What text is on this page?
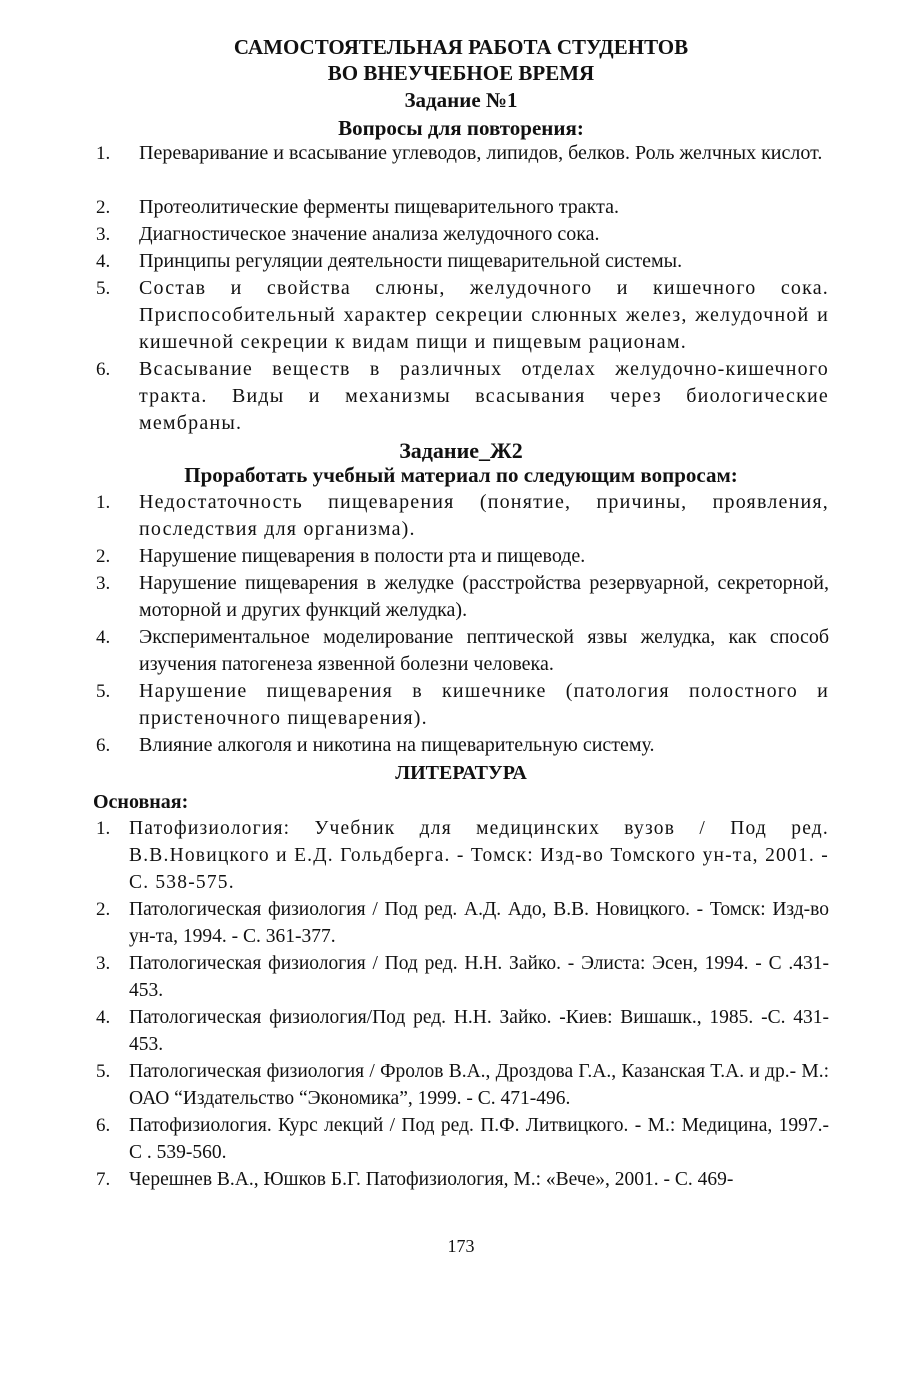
САМОСТОЯТЕЛЬНАЯ РАБОТА СТУДЕНТОВ
ВО ВНЕУЧЕБНОЕ ВРЕМЯ
Задание №1
Вопросы для повторения:
1. Переваривание и всасывание углеводов, липидов, белков. Роль желчных кислот.
2. Протеолитические ферменты пищеварительного тракта.
3. Диагностическое значение анализа желудочного сока.
4. Принципы регуляции деятельности пищеварительной системы.
5. Состав и свойства слюны, желудочного и кишечного сока. Приспособительный характер секреции слюнных желез, желудочной и кишечной секреции к видам пищи и пищевым рационам.
6. Всасывание веществ в различных отделах желудочно-кишечного тракта. Виды и механизмы всасывания через биологические мембраны.
Задание_Ж2
Проработать учебный материал по следующим вопросам:
1. Недостаточность пищеварения (понятие, причины, проявления, последствия для организма).
2. Нарушение пищеварения в полости рта и пищеводе.
3. Нарушение пищеварения в желудке (расстройства резервуарной, секреторной, моторной и других функций желудка).
4. Экспериментальное моделирование пептической язвы желудка, как способ изучения патогенеза язвенной болезни человека.
5. Нарушение пищеварения в кишечнике (патология полостного и пристеночного пищеварения).
6. Влияние алкоголя и никотина на пищеварительную систему.
ЛИТЕРАТУРА
Основная:
1. Патофизиология: Учебник для медицинских вузов / Под ред. В.В.Новицкого и Е.Д. Гольдберга. - Томск: Изд-во Томского ун-та, 2001. - С. 538-575.
2. Патологическая физиология / Под ред. А.Д. Адо, В.В. Новицкого. - Томск: Изд-во ун-та, 1994. - С. 361-377.
3. Патологическая физиология / Под ред. Н.Н. Зайко. - Элиста: Эсен, 1994. - С .431-453.
4. Патологическая физиология/Под ред. Н.Н. Зайко. -Киев: Вишашк., 1985. -С. 431-453.
5. Патологическая физиология / Фролов В.А., Дроздова Г.А., Казанская Т.А. и др.- М.: ОАО “Издательство “Экономика”, 1999. - С. 471-496.
6. Патофизиология. Курс лекций / Под ред. П.Ф. Литвицкого. - М.: Медицина, 1997.- С . 539-560.
7. Черешнев В.А., Юшков Б.Г. Патофизиология, М.: «Вече», 2001. - С. 469-
173
